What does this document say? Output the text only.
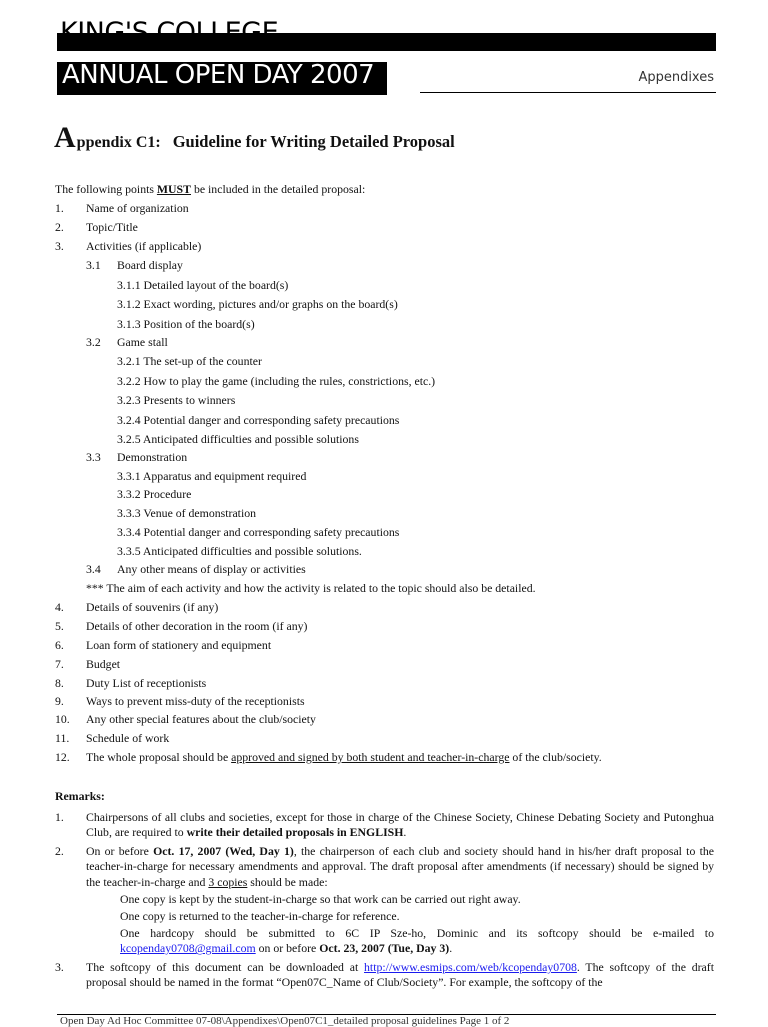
KING'S COLLEGE
ANNUAL OPEN DAY 2007	Appendixes
Appendix C1: Guideline for Writing Detailed Proposal
The following points MUST be included in the detailed proposal:
1. Name of organization
2. Topic/Title
3. Activities (if applicable)
3.1 Board display
3.1.1 Detailed layout of the board(s)
3.1.2 Exact wording, pictures and/or graphs on the board(s)
3.1.3 Position of the board(s)
3.2 Game stall
3.2.1 The set-up of the counter
3.2.2 How to play the game (including the rules, constrictions, etc.)
3.2.3 Presents to winners
3.2.4 Potential danger and corresponding safety precautions
3.2.5 Anticipated difficulties and possible solutions
3.3 Demonstration
3.3.1 Apparatus and equipment required
3.3.2 Procedure
3.3.3 Venue of demonstration
3.3.4 Potential danger and corresponding safety precautions
3.3.5 Anticipated difficulties and possible solutions.
3.4 Any other means of display or activities
*** The aim of each activity and how the activity is related to the topic should also be detailed.
4. Details of souvenirs (if any)
5. Details of other decoration in the room (if any)
6. Loan form of stationery and equipment
7. Budget
8. Duty List of receptionists
9. Ways to prevent miss-duty of the receptionists
10. Any other special features about the club/society
11. Schedule of work
12. The whole proposal should be approved and signed by both student and teacher-in-charge of the club/society.
Remarks:
1. Chairpersons of all clubs and societies, except for those in charge of the Chinese Society, Chinese Debating Society and Putonghua Club, are required to write their detailed proposals in ENGLISH.
2. On or before Oct. 17, 2007 (Wed, Day 1), the chairperson of each club and society should hand in his/her draft proposal to the teacher-in-charge for necessary amendments and approval. The draft proposal after amendments (if necessary) should be signed by the teacher-in-charge and 3 copies should be made:
One copy is kept by the student-in-charge so that work can be carried out right away.
One copy is returned to the teacher-in-charge for reference.
One hardcopy should be submitted to 6C IP Sze-ho, Dominic and its softcopy should be e-mailed to kcopenday0708@gmail.com on or before Oct. 23, 2007 (Tue, Day 3).
3. The softcopy of this document can be downloaded at http://www.esmips.com/web/kcopenday0708. The softcopy of the draft proposal should be named in the format “Open07C_Name of Club/Society”. For example, the softcopy of the
Open Day Ad Hoc Committee 07-08\Appendixes\Open07C1_detailed proposal guidelines Page 1 of 2
